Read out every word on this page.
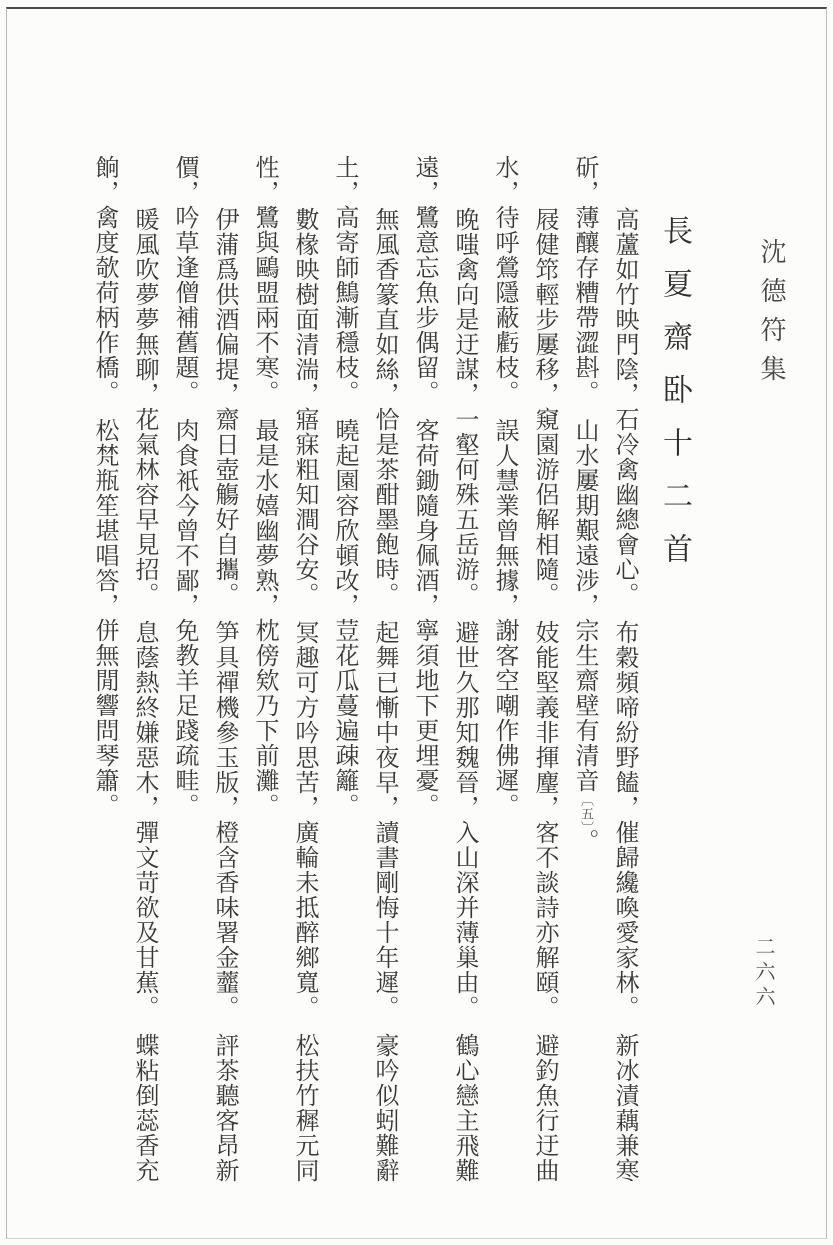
沈德符集
長夏齋卧十二首
高蘆如竹映門陰，石冷禽幽總會心。　布穀頻啼紛野饁，催歸纔喚愛家林。　新冰漬藕兼寒
斫，薄釀存糟帶澀斟。　山水屢期艱遠涉，宗生齋壁有清音〔五〕。
屐健筇輕步屢移，窺園游侶解相隨。　妓能堅義非揮麈，客不談詩亦解頤。　避釣魚行迂曲
水，待呼鶯隱蔽虧枝。　誤人慧業曾無據，謝客空嘲作佛遲。
晚嗤禽向是迂謀，一壑何殊五岳游。　避世久那知魏晉，入山深并薄巢由。　鶴心戀主飛難
遠，鷺意忘魚步偶留。　客荷鋤隨身佩酒，寧須地下更埋憂。
無風香篆直如絲，恰是茶酣墨飽時。　起舞已慚中夜早，讀書剛悔十年遲。　豪吟似蚓難辭
土，高寄師鷦漸穩枝。　曉起園容欣頓改，荳花瓜蔓遍疎籬。
數椽映樹面清湍，寤寐粗知澗谷安。　冥趣可方吟思苦，廣輪未抵醉鄉寬。　松扶竹穉元同
性，鷺與鷗盟兩不寒。　最是水嬉幽夢熟，枕傍欸乃下前灘。
伊蒲爲供酒偏提，齋日壺觴好自攜。　笋具禪機參玉版，橙含香味署金虀。　評茶聽客昂新
價，吟草逢僧補舊題。　肉食衹今曾不鄙，免教羊足踐疏畦。
暖風吹夢夢無聊，花氣林容早見招。　息蔭熱終嫌惡木，彈文苛欲及甘蕉。　蝶粘倒蕊香充
餉，禽度欹荷柄作橋。　松梵瓶笙堪唱答，併無閒響問琴簫。
二六六
